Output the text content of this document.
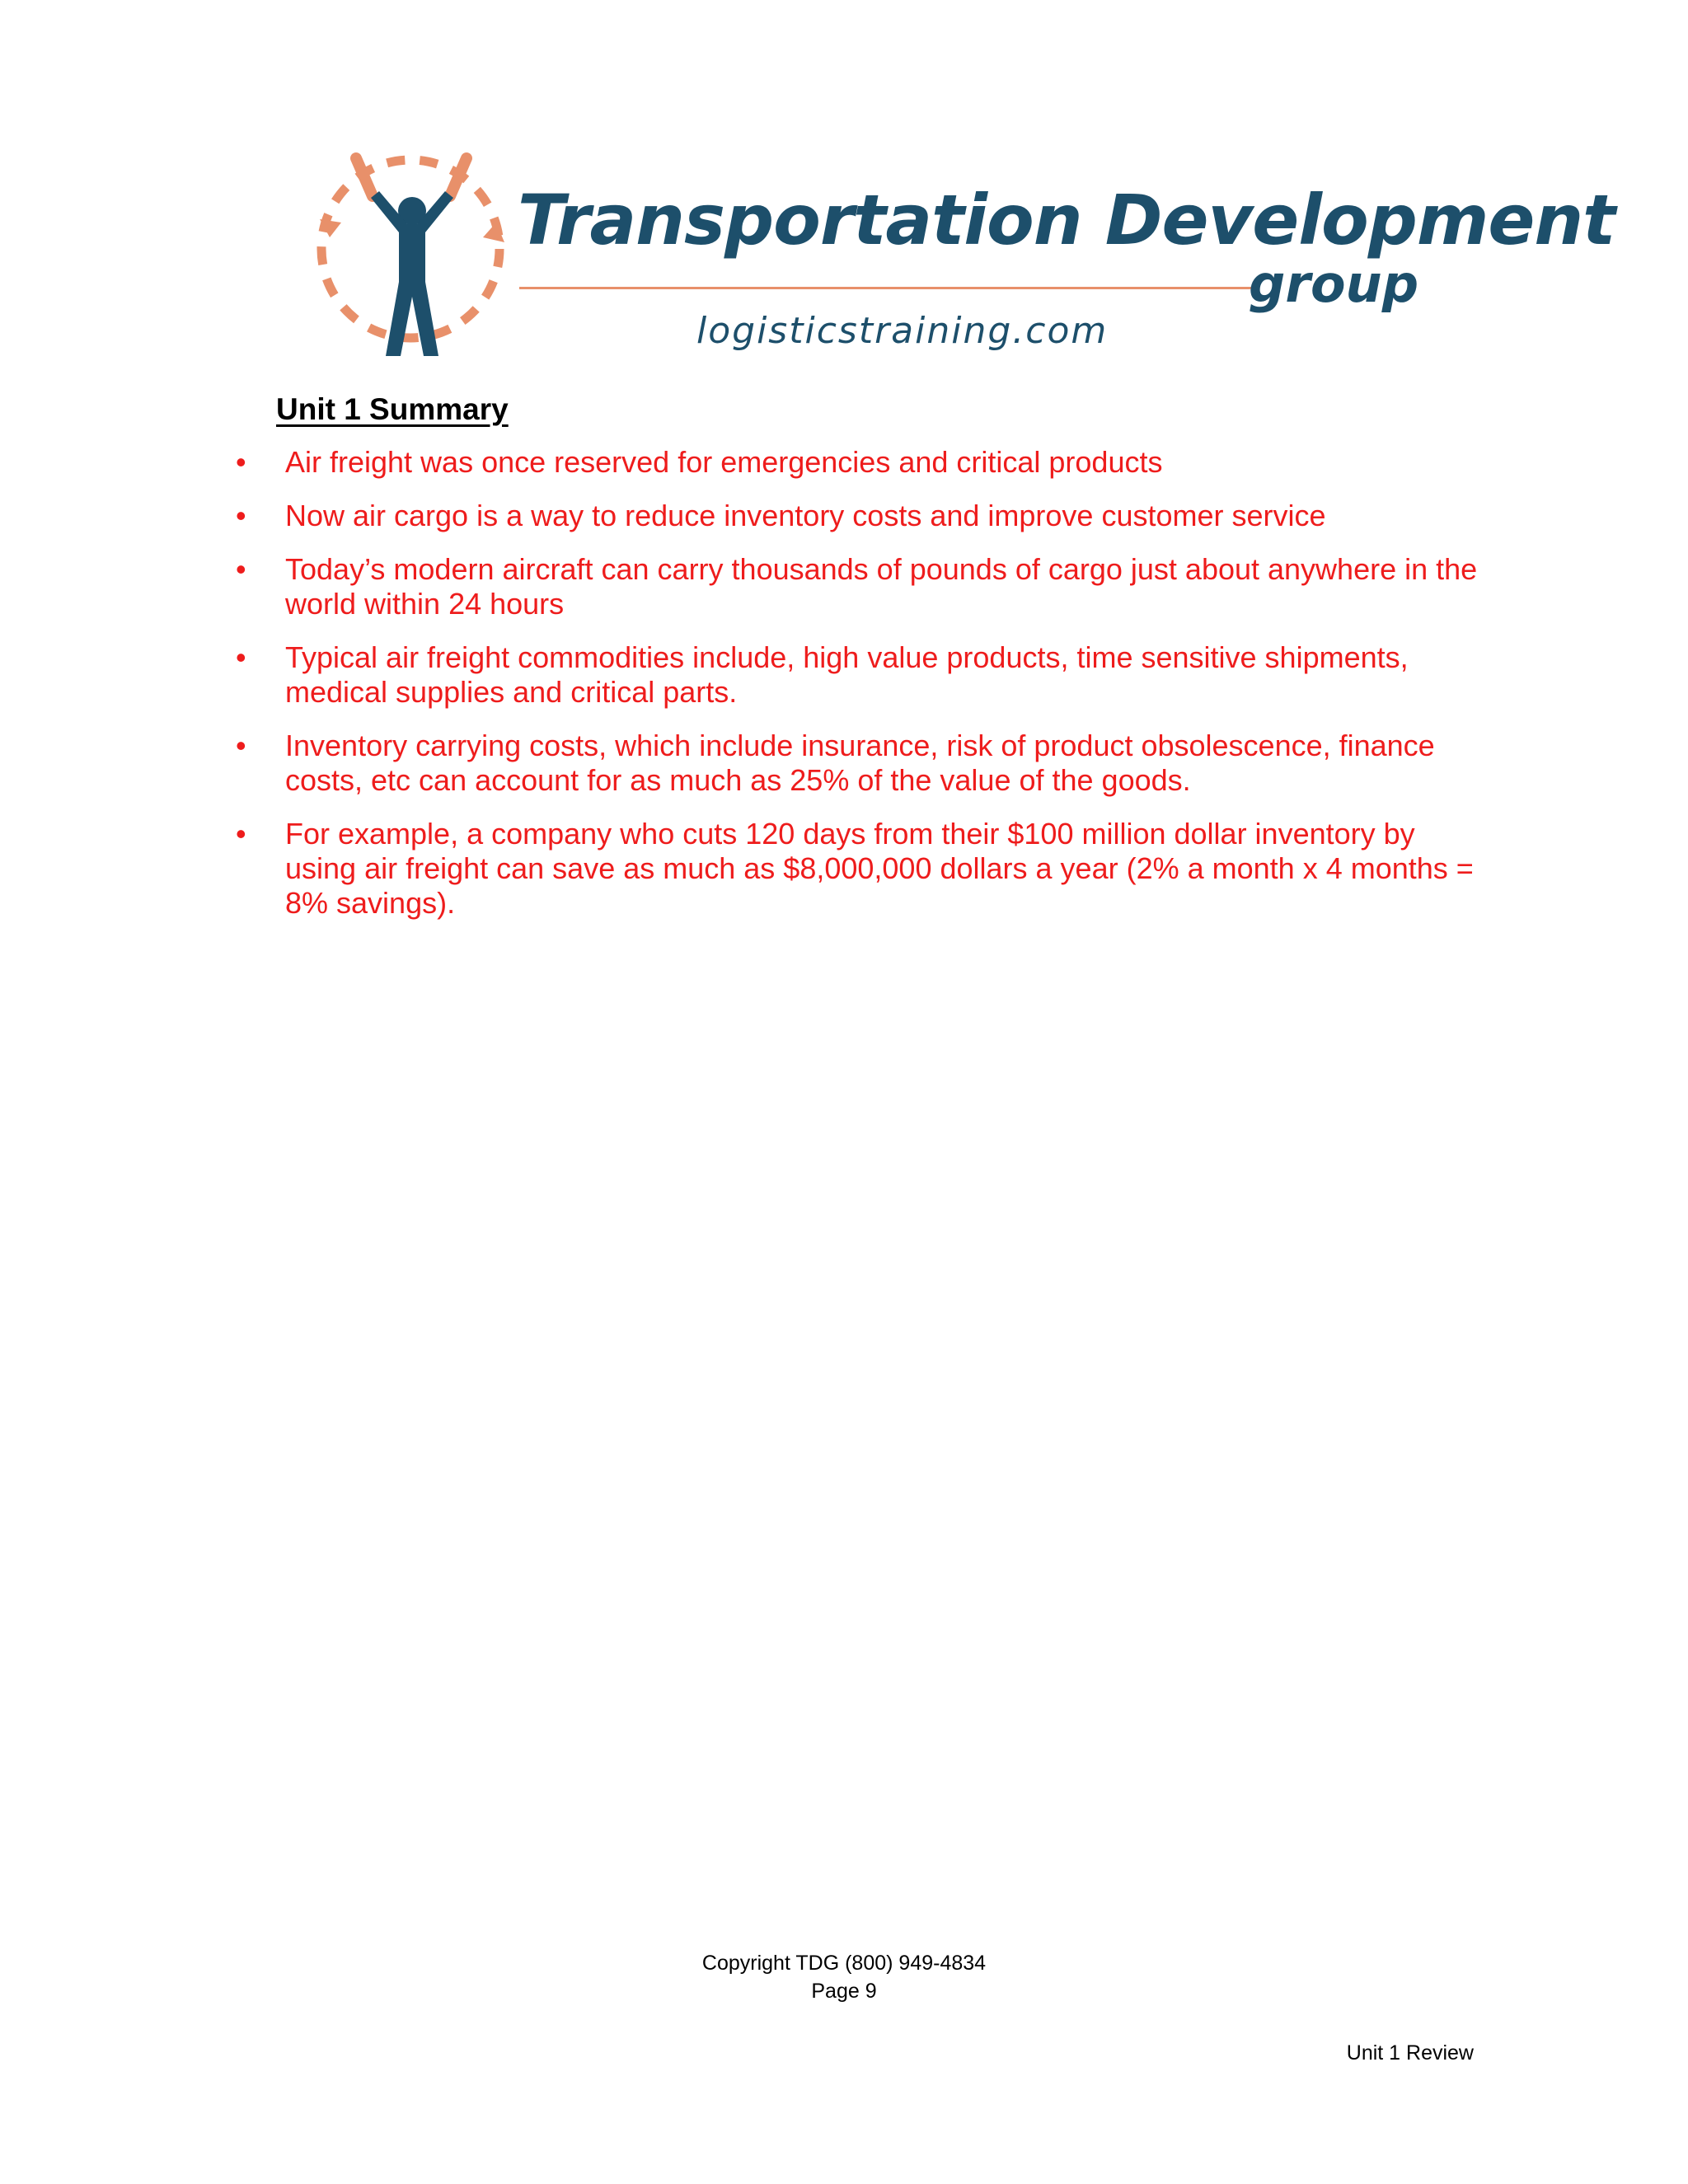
Transportation Development
group
logisticstraining.com
Unit 1 Summary
•	Air freight was once reserved for emergencies and critical products
•	Now air cargo is a way to reduce inventory costs and improve customer service
•	Today’s modern aircraft can carry thousands of pounds of cargo just about anywhere in the world within 24 hours
•	Typical air freight commodities include, high value products, time sensitive shipments, medical supplies and critical parts.
•	Inventory carrying costs, which include insurance, risk of product obsolescence, finance costs, etc can account for as much as 25% of the value of the goods.
•	For example, a company who cuts 120 days from their $100 million dollar inventory by using air freight can save as much as $8,000,000 dollars a year (2% a month x 4 months = 8% savings).

Copyright TDG (800) 949-4834

Page 9

Unit 1 Review
